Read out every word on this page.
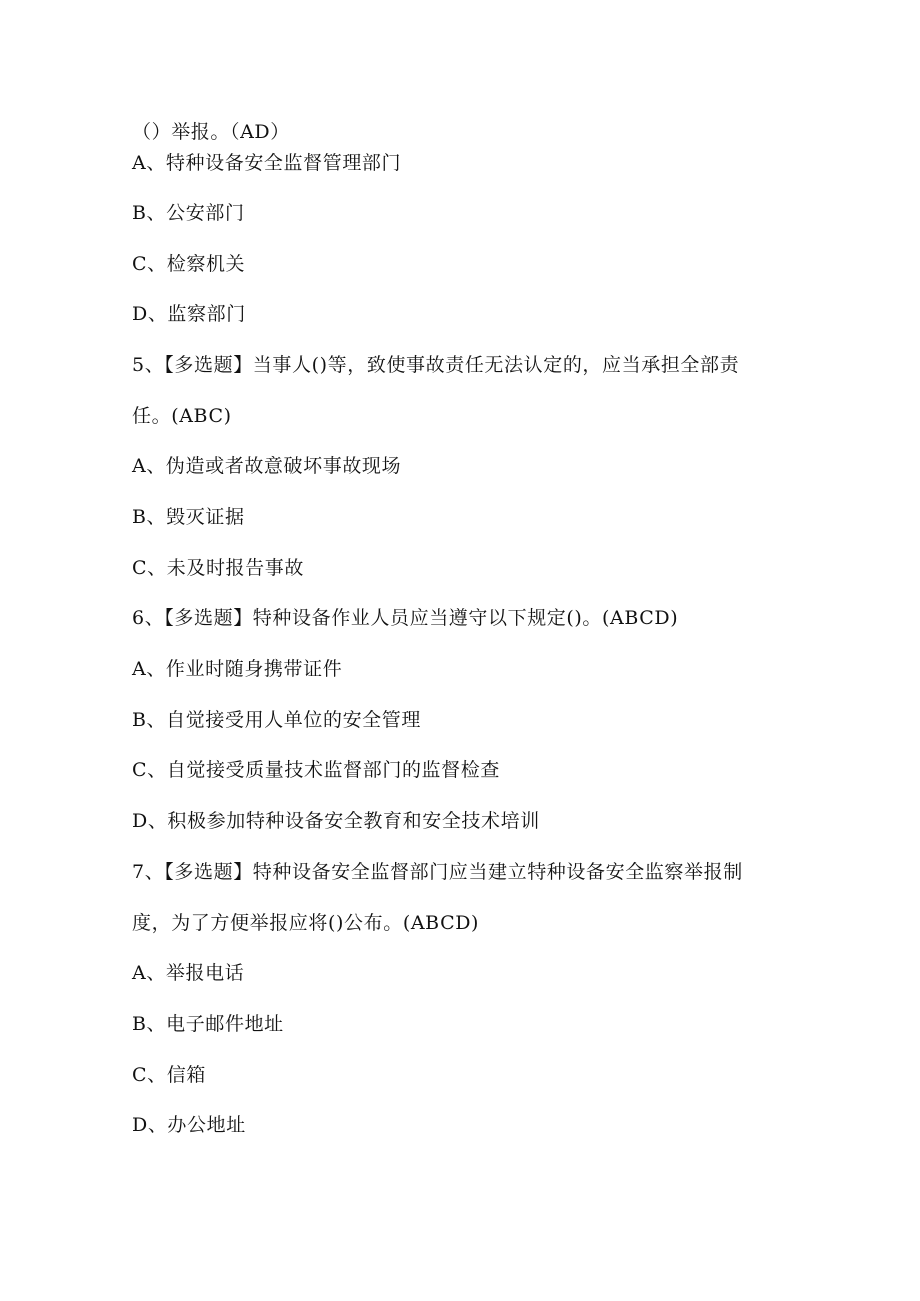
（）举报。（AD）
A、特种设备安全监督管理部门
B、公安部门
C、检察机关
D、监察部门
5、【多选题】当事人()等，致使事故责任无法认定的，应当承担全部责
任。(ABC)
A、伪造或者故意破坏事故现场
B、毁灭证据
C、未及时报告事故
6、【多选题】特种设备作业人员应当遵守以下规定()。(ABCD)
A、作业时随身携带证件
B、自觉接受用人单位的安全管理
C、自觉接受质量技术监督部门的监督检查
D、积极参加特种设备安全教育和安全技术培训
7、【多选题】特种设备安全监督部门应当建立特种设备安全监察举报制
度，为了方便举报应将()公布。(ABCD)
A、举报电话
B、电子邮件地址
C、信箱
D、办公地址
